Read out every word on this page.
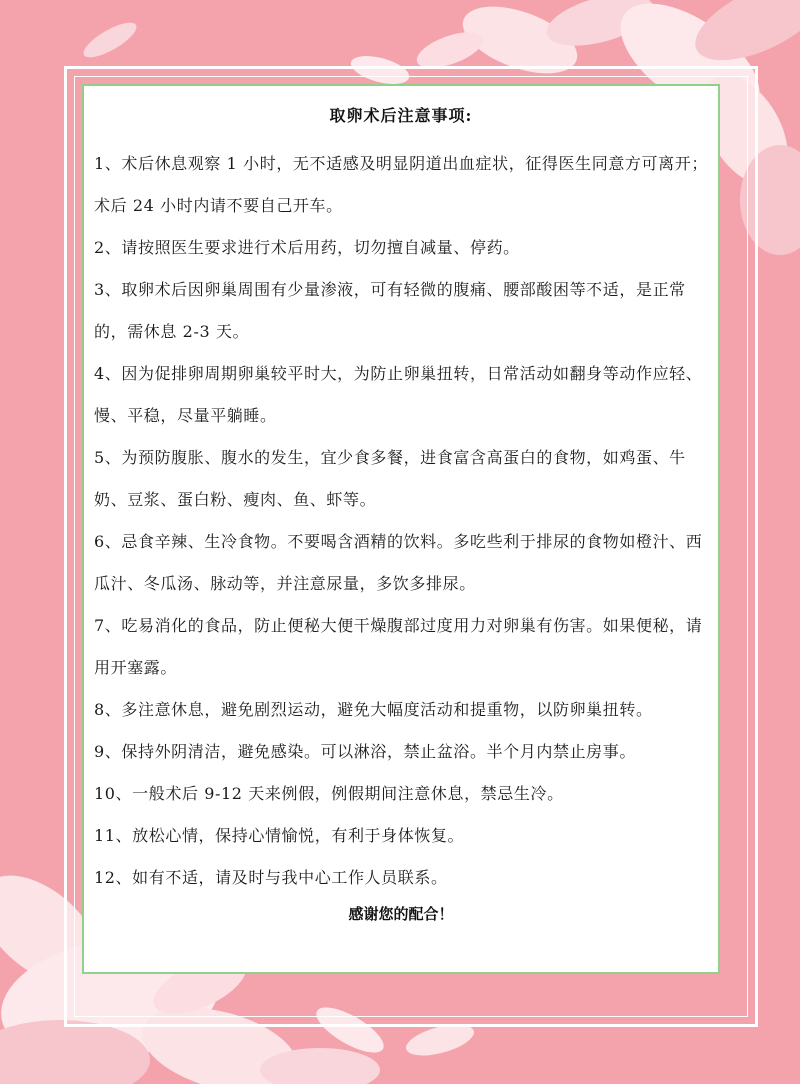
取卵术后注意事项:
1、术后休息观察 1 小时，无不适感及明显阴道出血症状，征得医生同意方可离开；术后 24 小时内请不要自己开车。
2、请按照医生要求进行术后用药，切勿擅自减量、停药。
3、取卵术后因卵巢周围有少量渗液，可有轻微的腹痛、腰部酸困等不适，是正常的，需休息 2-3 天。
4、因为促排卵周期卵巢较平时大，为防止卵巢扭转，日常活动如翻身等动作应轻、慢、平稳，尽量平躺睡。
5、为预防腹胀、腹水的发生，宜少食多餐，进食富含高蛋白的食物，如鸡蛋、牛奶、豆浆、蛋白粉、瘦肉、鱼、虾等。
6、忌食辛辣、生冷食物。不要喝含酒精的饮料。多吃些利于排尿的食物如橙汁、西瓜汁、冬瓜汤、脉动等，并注意尿量，多饮多排尿。
7、吃易消化的食品，防止便秘大便干燥腹部过度用力对卵巢有伤害。如果便秘，请用开塞露。
8、多注意休息，避免剧烈运动，避免大幅度活动和提重物，以防卵巢扭转。
9、保持外阴清洁，避免感染。可以淋浴，禁止盆浴。半个月内禁止房事。
10、一般术后 9-12 天来例假，例假期间注意休息，禁忌生冷。
11、放松心情，保持心情愉悦，有利于身体恢复。
12、如有不适，请及时与我中心工作人员联系。
感谢您的配合！
